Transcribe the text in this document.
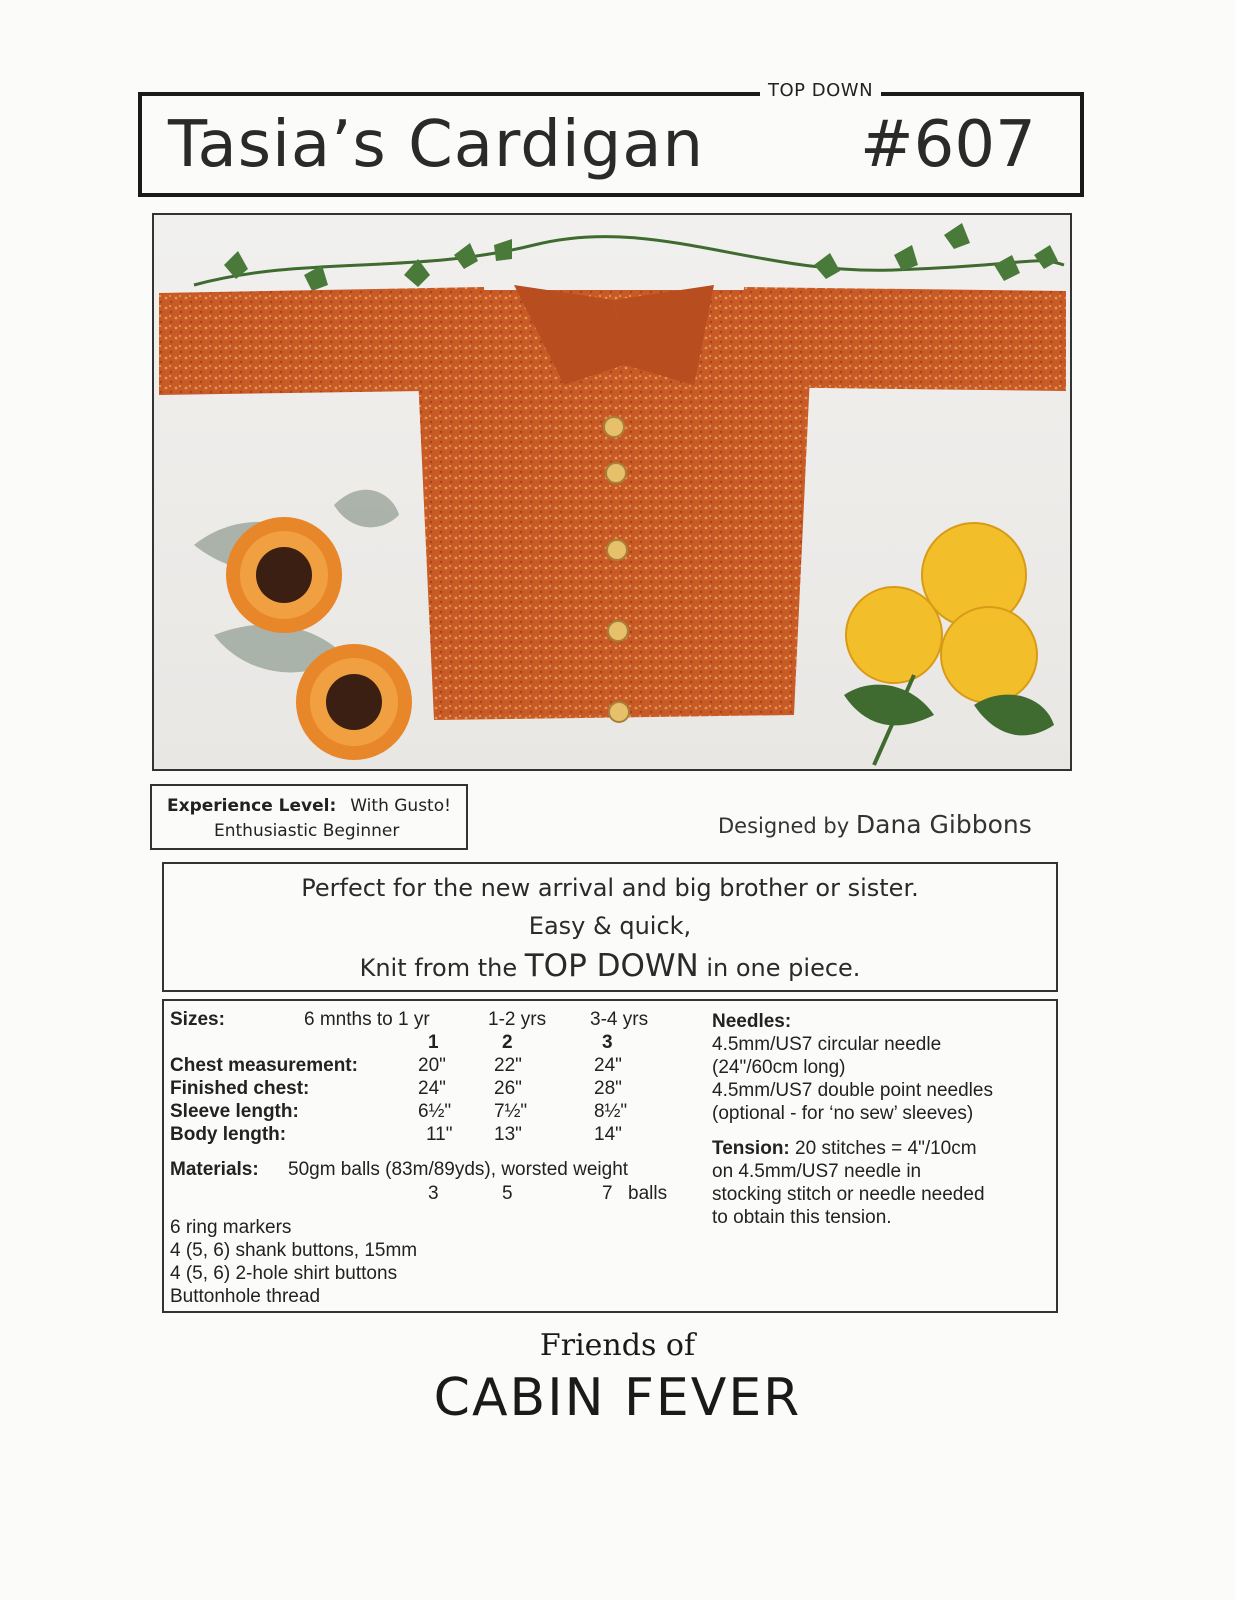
TOP DOWN
Tasia’s Cardigan #607
Experience Level: With Gusto!
Enthusiastic Beginner	Designed by Dana Gibbons
Perfect for the new arrival and big brother or sister.
Easy & quick,
Knit from the TOP DOWN in one piece.
Sizes:	6 mnths to 1 yr	1-2 yrs 3-4 yrs
1	2	3
Chest measurement:	20"	22"	24"
Finished chest:	24"	26"	28"
Sleeve length:	6½" 7½"	8½"
Body length:	11" 13"	14"
Materials: 50gm balls (83m/89yds), worsted weight
3	5	7 balls
6 ring markers
4 (5, 6) shank buttons, 15mm
4 (5, 6) 2-hole shirt buttons
Buttonhole thread
Needles:
4.5mm/US7 circular needle
(24"/60cm long)
4.5mm/US7 double point needles
(optional - for ‘no sew’ sleeves)
Tension: 20 stitches = 4"/10cm
on 4.5mm/US7 needle in
stocking stitch or needle needed
to obtain this tension.
Friends of
CABIN FEVER
